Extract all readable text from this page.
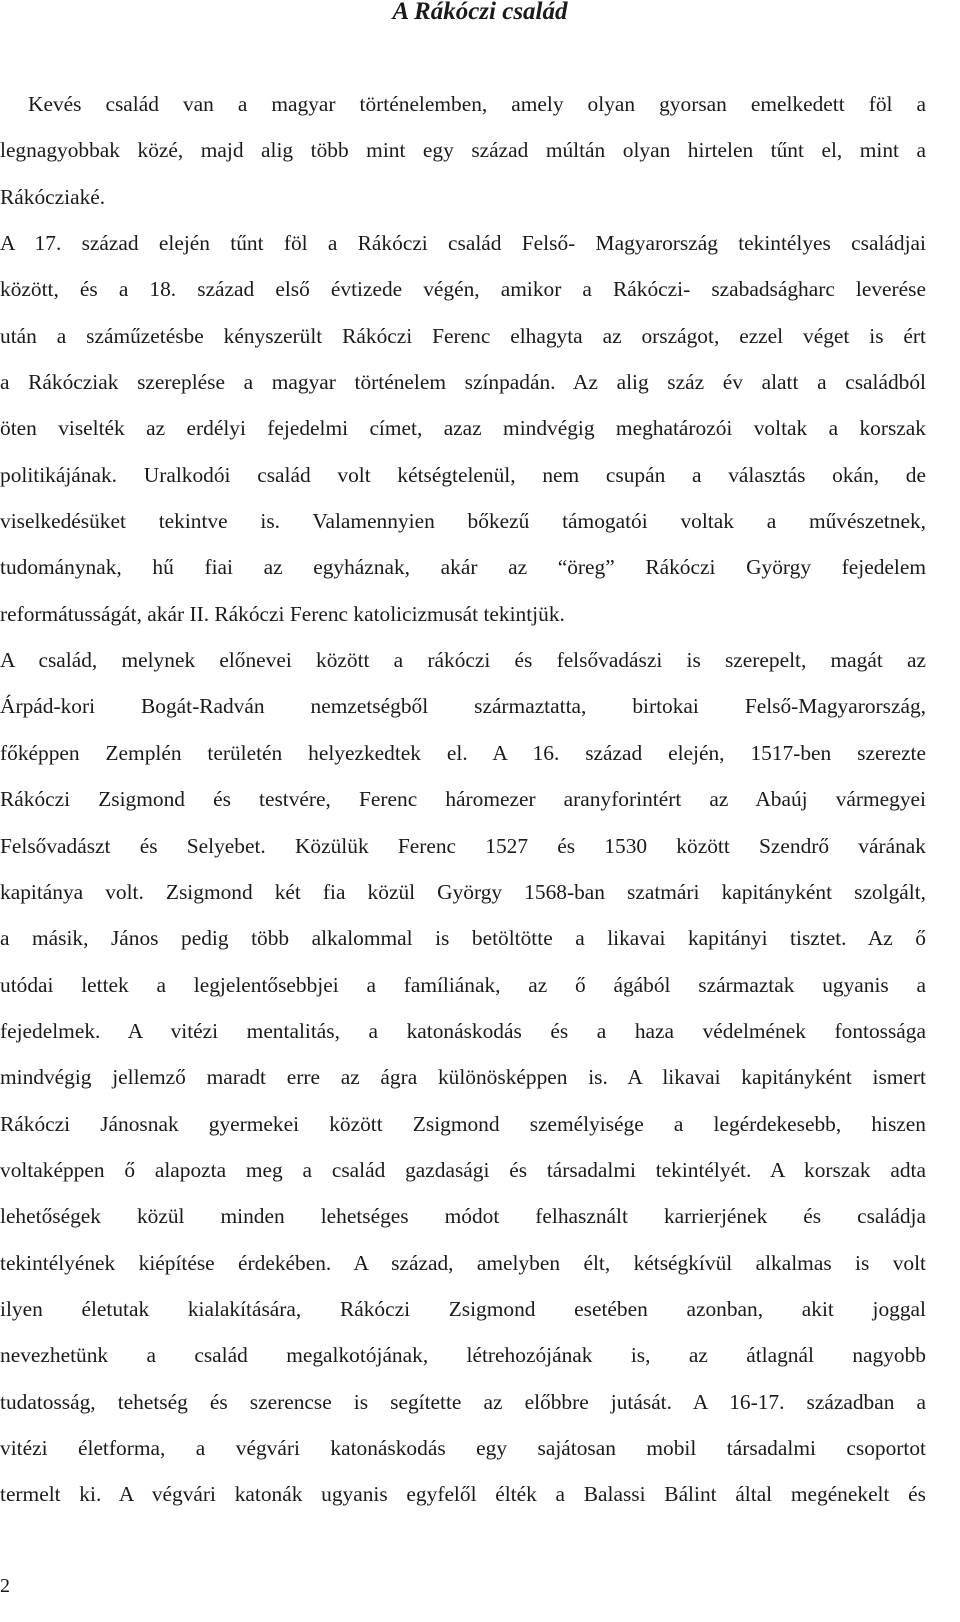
A Rákóczi család
Kevés család van a magyar történelemben, amely olyan gyorsan emelkedett föl a
legnagyobbak közé, majd alig több mint egy század múltán olyan hirtelen tűnt el, mint a
Rákócziaké.
A 17. század elején tűnt föl a Rákóczi család Felső- Magyarország tekintélyes családjai
között, és a 18. század első évtizede végén, amikor a Rákóczi- szabadságharc leverése
után a száműzetésbe kényszerült Rákóczi Ferenc elhagyta az országot, ezzel véget is ért
a Rákócziak szereplése a magyar történelem színpadán. Az alig száz év alatt a családból
öten viselték az erdélyi fejedelmi címet, azaz mindvégig meghatározói voltak a korszak
politikájának. Uralkodói család volt kétségtelenül, nem csupán a választás okán, de
viselkedésüket tekintve is. Valamennyien bőkezű támogatói voltak a művészetnek,
tudománynak, hű fiai az egyháznak, akár az “öreg” Rákóczi György fejedelem
reformátusságát, akár II. Rákóczi Ferenc katolicizmusát tekintjük.
A család, melynek előnevei között a rákóczi és felsővadászi is szerepelt, magát az
Árpád-kori Bogát-Radván nemzetségből származtatta, birtokai Felső-Magyarország,
főképpen Zemplén területén helyezkedtek el. A 16. század elején, 1517-ben szerezte
Rákóczi Zsigmond és testvére, Ferenc háromezer aranyforintért az Abaúj vármegyei
Felsővadászt és Selyebet. Közülük Ferenc 1527 és 1530 között Szendrő várának
kapitánya volt. Zsigmond két fia közül György 1568-ban szatmári kapitányként szolgált,
a másik, János pedig több alkalommal is betöltötte a likavai kapitányi tisztet. Az ő
utódai lettek a legjelentősebbjei a famíliának, az ő ágából származtak ugyanis a
fejedelmek. A vitézi mentalitás, a katonáskodás és a haza védelmének fontossága
mindvégig jellemző maradt erre az ágra különösképpen is. A likavai kapitányként ismert
Rákóczi Jánosnak gyermekei között Zsigmond személyisége a legérdekesebb, hiszen
voltaképpen ő alapozta meg a család gazdasági és társadalmi tekintélyét. A korszak adta
lehetőségek közül minden lehetséges módot felhasznált karrierjének és családja
tekintélyének kiépítése érdekében. A század, amelyben élt, kétségkívül alkalmas is volt
ilyen életutak kialakítására, Rákóczi Zsigmond esetében azonban, akit joggal
nevezhetünk a család megalkotójának, létrehozójának is, az átlagnál nagyobb
tudatosság, tehetség és szerencse is segítette az előbbre jutását. A 16-17. században a
vitézi életforma, a végvári katonáskodás egy sajátosan mobil társadalmi csoportot
termelt ki. A végvári katonák ugyanis egyfelől élték a Balassi Bálint által megénekelt és
2
